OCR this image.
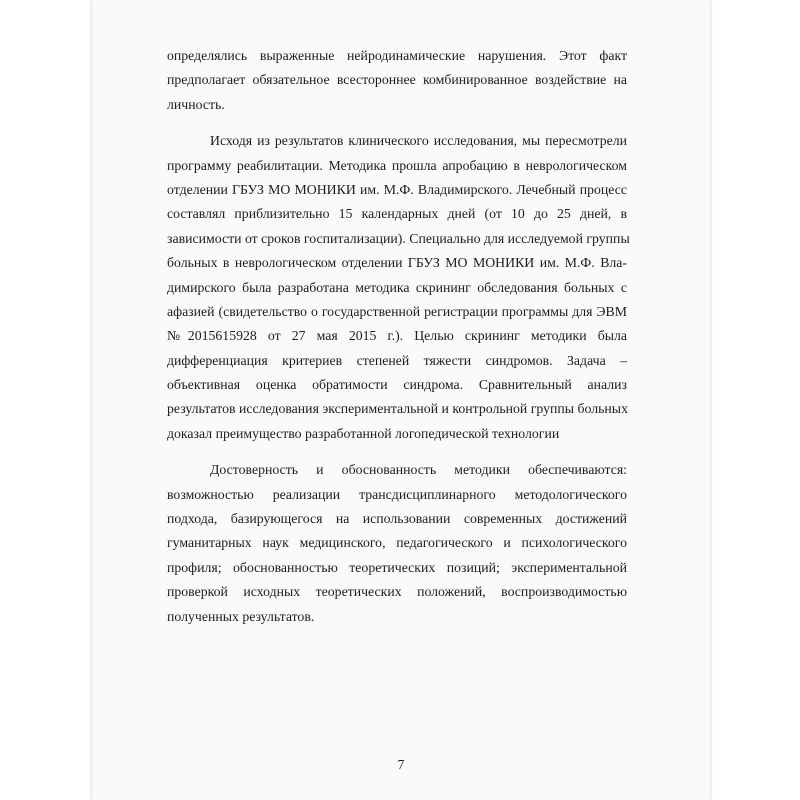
определялись выраженные нейродинамические нарушения. Этот факт
предполагает обязательное всестороннее комбинированное воздействие на
личность.
Исходя из результатов клинического исследования, мы пересмотрели
программу реабилитации. Методика прошла апробацию в неврологическом
отделении ГБУЗ МО МОНИКИ им. М.Ф. Владимирского. Лечебный процесс
составлял приблизительно 15 календарных дней (от 10 до 25 дней, в
зависимости от сроков госпитализации). Специально для исследуемой группы
больных в неврологическом отделении ГБУЗ МО МОНИКИ им. М.Ф. Вла-
димирского была разработана методика скрининг обследования больных с
афазией (свидетельство о государственной регистрации программы для ЭВМ
№2015615928 от 27 мая 2015 г.). Целью скрининг методики была
дифференциация критериев степеней тяжести синдромов. Задача –
объективная оценка обратимости синдрома. Сравнительный анализ
результатов исследования экспериментальной и контрольной группы больных
доказал преимущество разработанной логопедической технологии
Достоверность и обоснованность методики обеспечиваются:
возможностью реализации трансдисциплинарного методологического
подхода, базирующегося на использовании современных достижений
гуманитарных наук медицинского, педагогического и психологического
профиля; обоснованностью теоретических позиций; экспериментальной
проверкой исходных теоретических положений, воспроизводимостью
полученных результатов.
7
